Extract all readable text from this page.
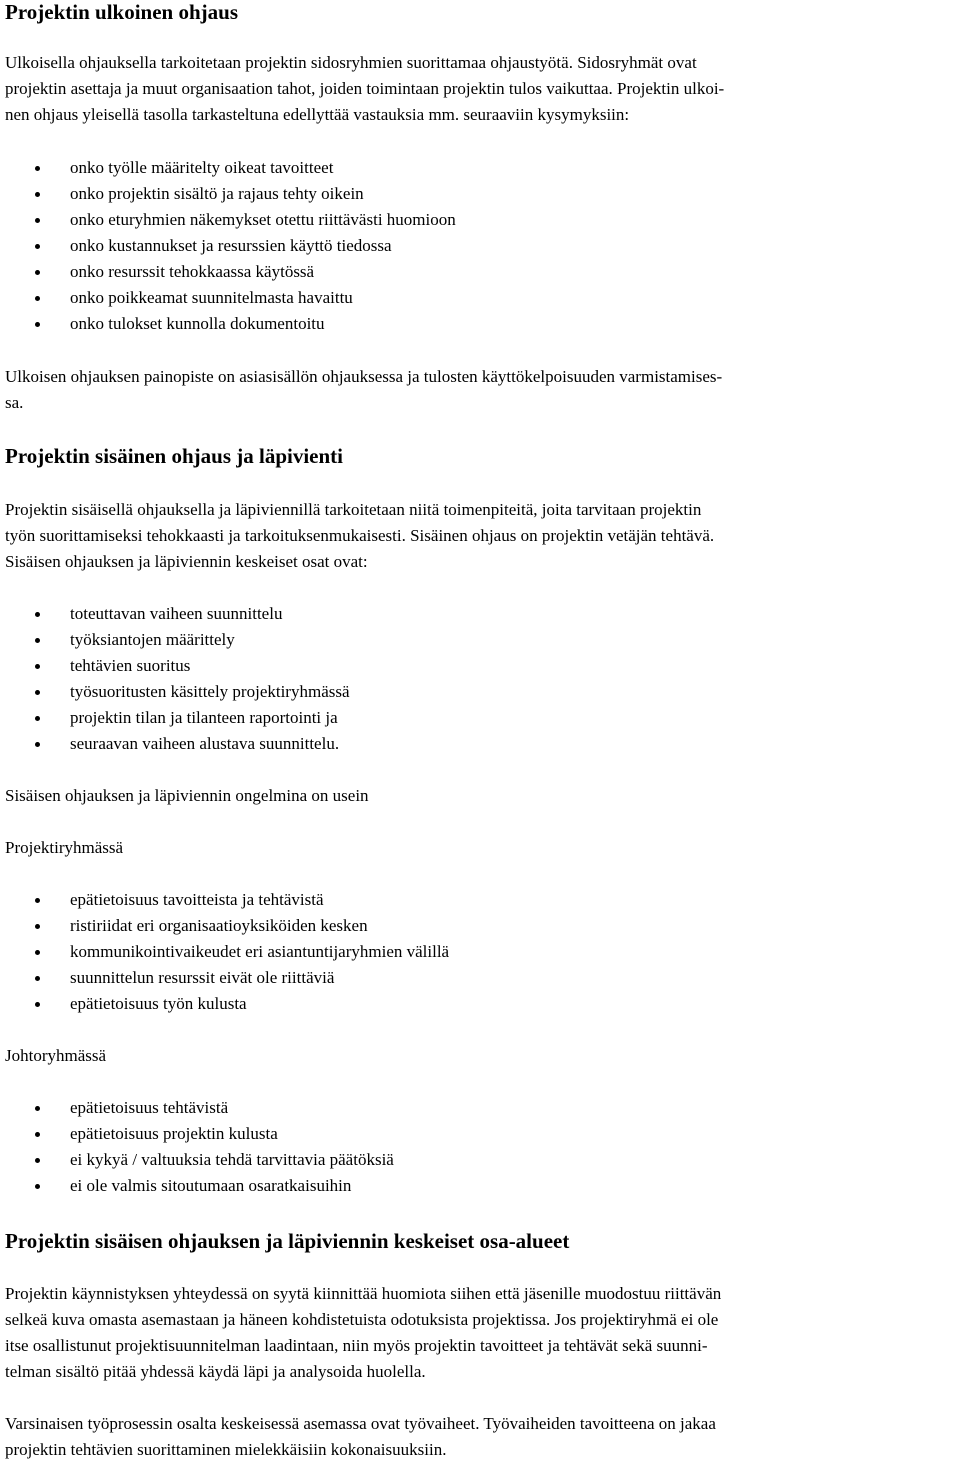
Projektin ulkoinen ohjaus
Ulkoisella ohjauksella tarkoitetaan projektin sidosryhmien suorittamaa ohjaustyötä. Sidosryhmät ovat
projektin asettaja ja muut organisaation tahot, joiden toimintaan projektin tulos vaikuttaa. Projektin ulkoi-
nen ohjaus yleisellä tasolla tarkasteltuna edellyttää vastauksia mm. seuraaviin kysymyksiin:
onko työlle määritelty oikeat tavoitteet
onko projektin sisältö ja rajaus tehty oikein
onko eturyhmien näkemykset otettu riittävästi huomioon
onko kustannukset ja resurssien käyttö tiedossa
onko resurssit tehokkaassa käytössä
onko poikkeamat suunnitelmasta havaittu
onko tulokset kunnolla dokumentoitu
Ulkoisen ohjauksen painopiste on asiasisällön ohjauksessa ja tulosten käyttökelpoisuuden varmistamises-
sa.
Projektin sisäinen ohjaus ja läpivienti
Projektin sisäisellä ohjauksella ja läpiviennillä tarkoitetaan niitä toimenpiteitä, joita tarvitaan projektin
työn suorittamiseksi tehokkaasti ja tarkoituksenmukaisesti. Sisäinen ohjaus on projektin vetäjän tehtävä.
Sisäisen ohjauksen ja läpiviennin keskeiset osat ovat:
toteuttavan vaiheen suunnittelu
työksiantojen määrittely
tehtävien suoritus
työsuoritusten käsittely projektiryhmässä
projektin tilan ja tilanteen raportointi ja
seuraavan vaiheen alustava suunnittelu.

Sisäisen ohjauksen ja läpiviennin ongelmina on usein

Projektiryhmässä

epätietoisuus tavoitteista ja tehtävistä
ristiriidat eri organisaatioyksiköiden kesken
kommunikointivaikeudet eri asiantuntijaryhmien välillä
suunnittelun resurssit eivät ole riittäviä
epätietoisuus työn kulusta

Johtoryhmässä

epätietoisuus tehtävistä
epätietoisuus projektin kulusta
ei kykyä / valtuuksia tehdä tarvittavia päätöksiä
ei ole valmis sitoutumaan osaratkaisuihin
Projektin sisäisen ohjauksen ja läpiviennin keskeiset osa-alueet
Projektin käynnistyksen yhteydessä on syytä kiinnittää huomiota siihen että jäsenille muodostuu riittävän
selkeä kuva omasta asemastaan ja häneen kohdistetuista odotuksista projektissa. Jos projektiryhmä ei ole
itse osallistunut projektisuunnitelman laadintaan, niin myös projektin tavoitteet ja tehtävät sekä suunni-
telman sisältö pitää yhdessä käydä läpi ja analysoida huolella.
Varsinaisen työprosessin osalta keskeisessä asemassa ovat työvaiheet. Työvaiheiden tavoitteena on jakaa
projektin tehtävien suorittaminen mielekkäisiin kokonaisuuksiin.
